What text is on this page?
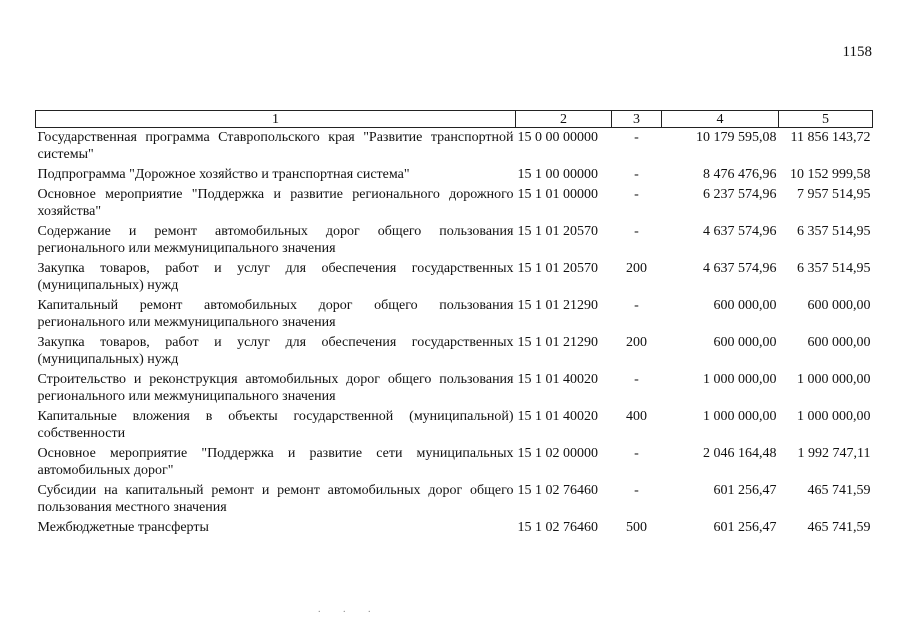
1158
1	2	3	4	5
Государственная программа Ставропольского края "Развитие транспортной системы"	15 0 00 00000	-	10 179 595,08	11 856 143,72
Подпрограмма "Дорожное хозяйство и транспортная система"	15 1 00 00000	-	8 476 476,96	10 152 999,58
Основное мероприятие "Поддержка и развитие регионального дорожного хозяйства"	15 1 01 00000	-	6 237 574,96	7 957 514,95
Содержание и ремонт автомобильных дорог общего пользования регионального или межмуниципального значения	15 1 01 20570	-	4 637 574,96	6 357 514,95
Закупка товаров, работ и услуг для обеспечения государственных (муниципальных) нужд	15 1 01 20570	200	4 637 574,96	6 357 514,95
Капитальный ремонт автомобильных дорог общего пользования регионального или межмуниципального значения	15 1 01 21290	-	600 000,00	600 000,00
Закупка товаров, работ и услуг для обеспечения государственных (муниципальных) нужд	15 1 01 21290	200	600 000,00	600 000,00
Строительство и реконструкция автомобильных дорог общего пользования регионального или межмуниципального значения	15 1 01 40020	-	1 000 000,00	1 000 000,00
Капитальные вложения в объекты государственной (муниципальной) собственности	15 1 01 40020	400	1 000 000,00	1 000 000,00
Основное мероприятие "Поддержка и развитие сети муниципальных автомобильных дорог"	15 1 02 00000	-	2 046 164,48	1 992 747,11
Субсидии на капитальный ремонт и ремонт автомобильных дорог общего пользования местного значения	15 1 02 76460	-	601 256,47	465 741,59
Межбюджетные трансферты	15 1 02 76460	500	601 256,47	465 741,59
. . .
